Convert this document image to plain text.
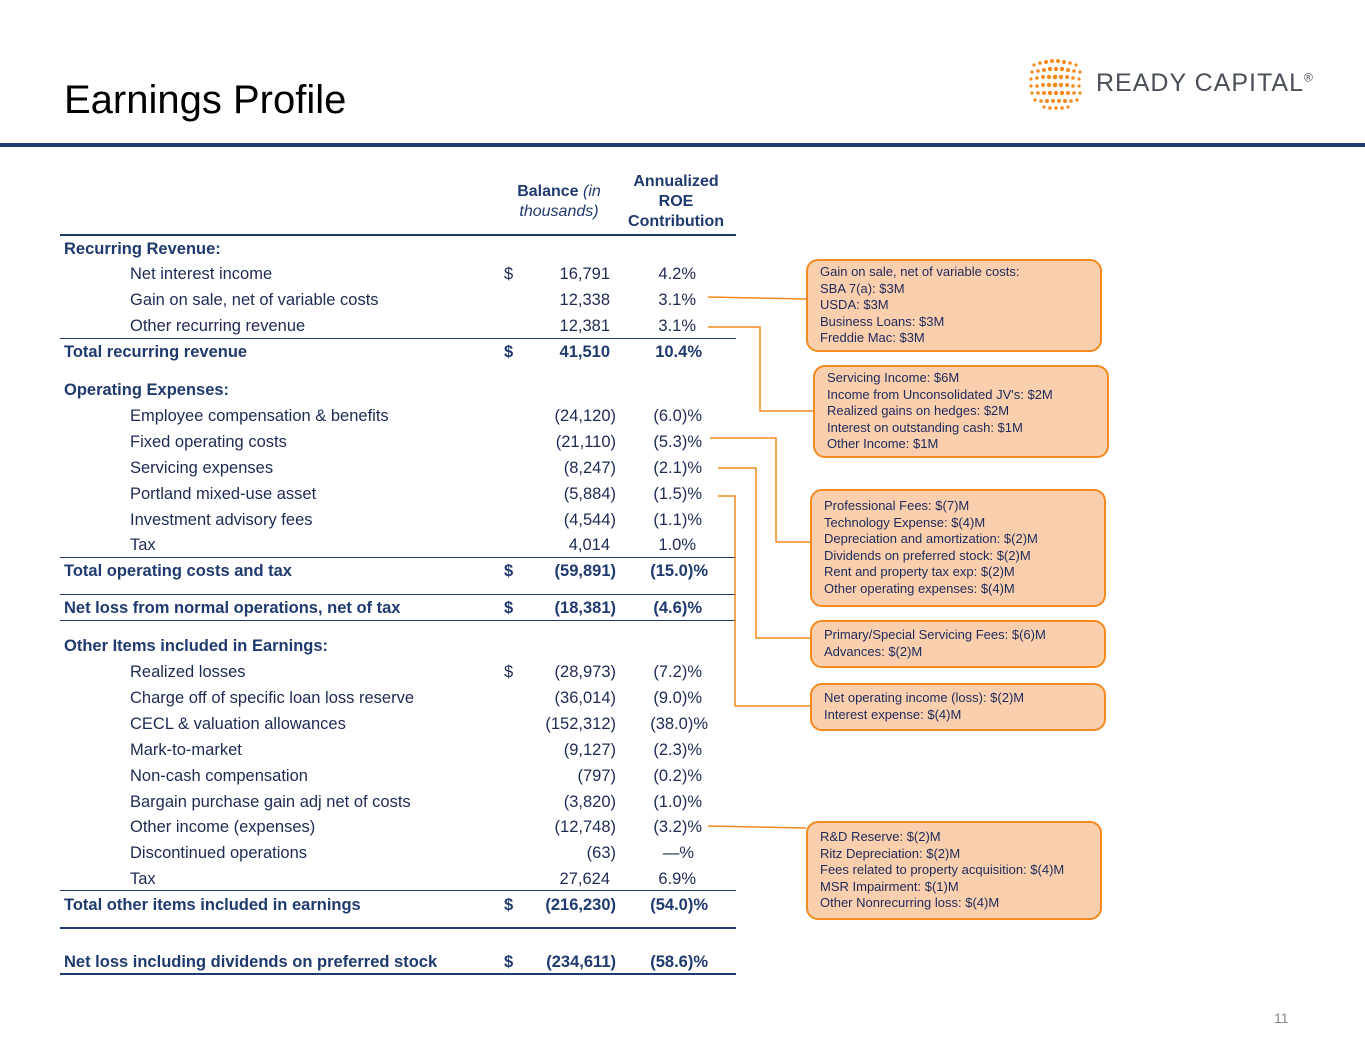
Earnings Profile	READY CAPITAL®
Balance (in thousands)
Annualized ROE Contribution
Recurring Revenue:
Net interest income	$	16,791	4.2%
Gain on sale, net of variable costs	12,338	3.1%
Other recurring revenue	12,381	3.1%
Total recurring revenue	$	41,510	10.4%
Operating Expenses:
Employee compensation & benefits	(24,120) (6.0)%
Fixed operating costs	(21,110) (5.3)%
Servicing expenses	(8,247) (2.1)%
Portland mixed-use asset	(5,884) (1.5)%
Investment advisory fees	(4,544) (1.1)%
Tax	4,014	1.0%
Total operating costs and tax	$	(59,891) (15.0)%
Net loss from normal operations, net of tax	$	(18,381) (4.6)%
Other Items included in Earnings:
Realized losses	$	(28,973) (7.2)%
Charge off of specific loan loss reserve	(36,014) (9.0)%
CECL & valuation allowances	(152,312) (38.0)%
Mark-to-market	(9,127) (2.3)%
Non-cash compensation	(797) (0.2)%
Bargain purchase gain adj net of costs	(3,820) (1.0)%
Other income (expenses)	(12,748) (3.2)%
Discontinued operations	(63)	—%
Tax	27,624	6.9%
Total other items included in earnings	$ (216,230) (54.0)%
Net loss including dividends on preferred stock	$ (234,611) (58.6)%
Gain on sale, net of variable costs:
SBA 7(a): $3M
USDA: $3M
Business Loans: $3M
Freddie Mac: $3M
Servicing Income: $6M
Income from Unconsolidated JV's: $2M
Realized gains on hedges: $2M
Interest on outstanding cash: $1M
Other Income: $1M
Professional Fees: $(7)M
Technology Expense: $(4)M
Depreciation and amortization: $(2)M
Dividends on preferred stock: $(2)M
Rent and property tax exp: $(2)M
Other operating expenses: $(4)M
Primary/Special Servicing Fees: $(6)M
Advances: $(2)M
Net operating income (loss): $(2)M
Interest expense: $(4)M
R&D Reserve: $(2)M
Ritz Depreciation: $(2)M
Fees related to property acquisition: $(4)M
MSR Impairment: $(1)M
Other Nonrecurring loss: $(4)M
11
